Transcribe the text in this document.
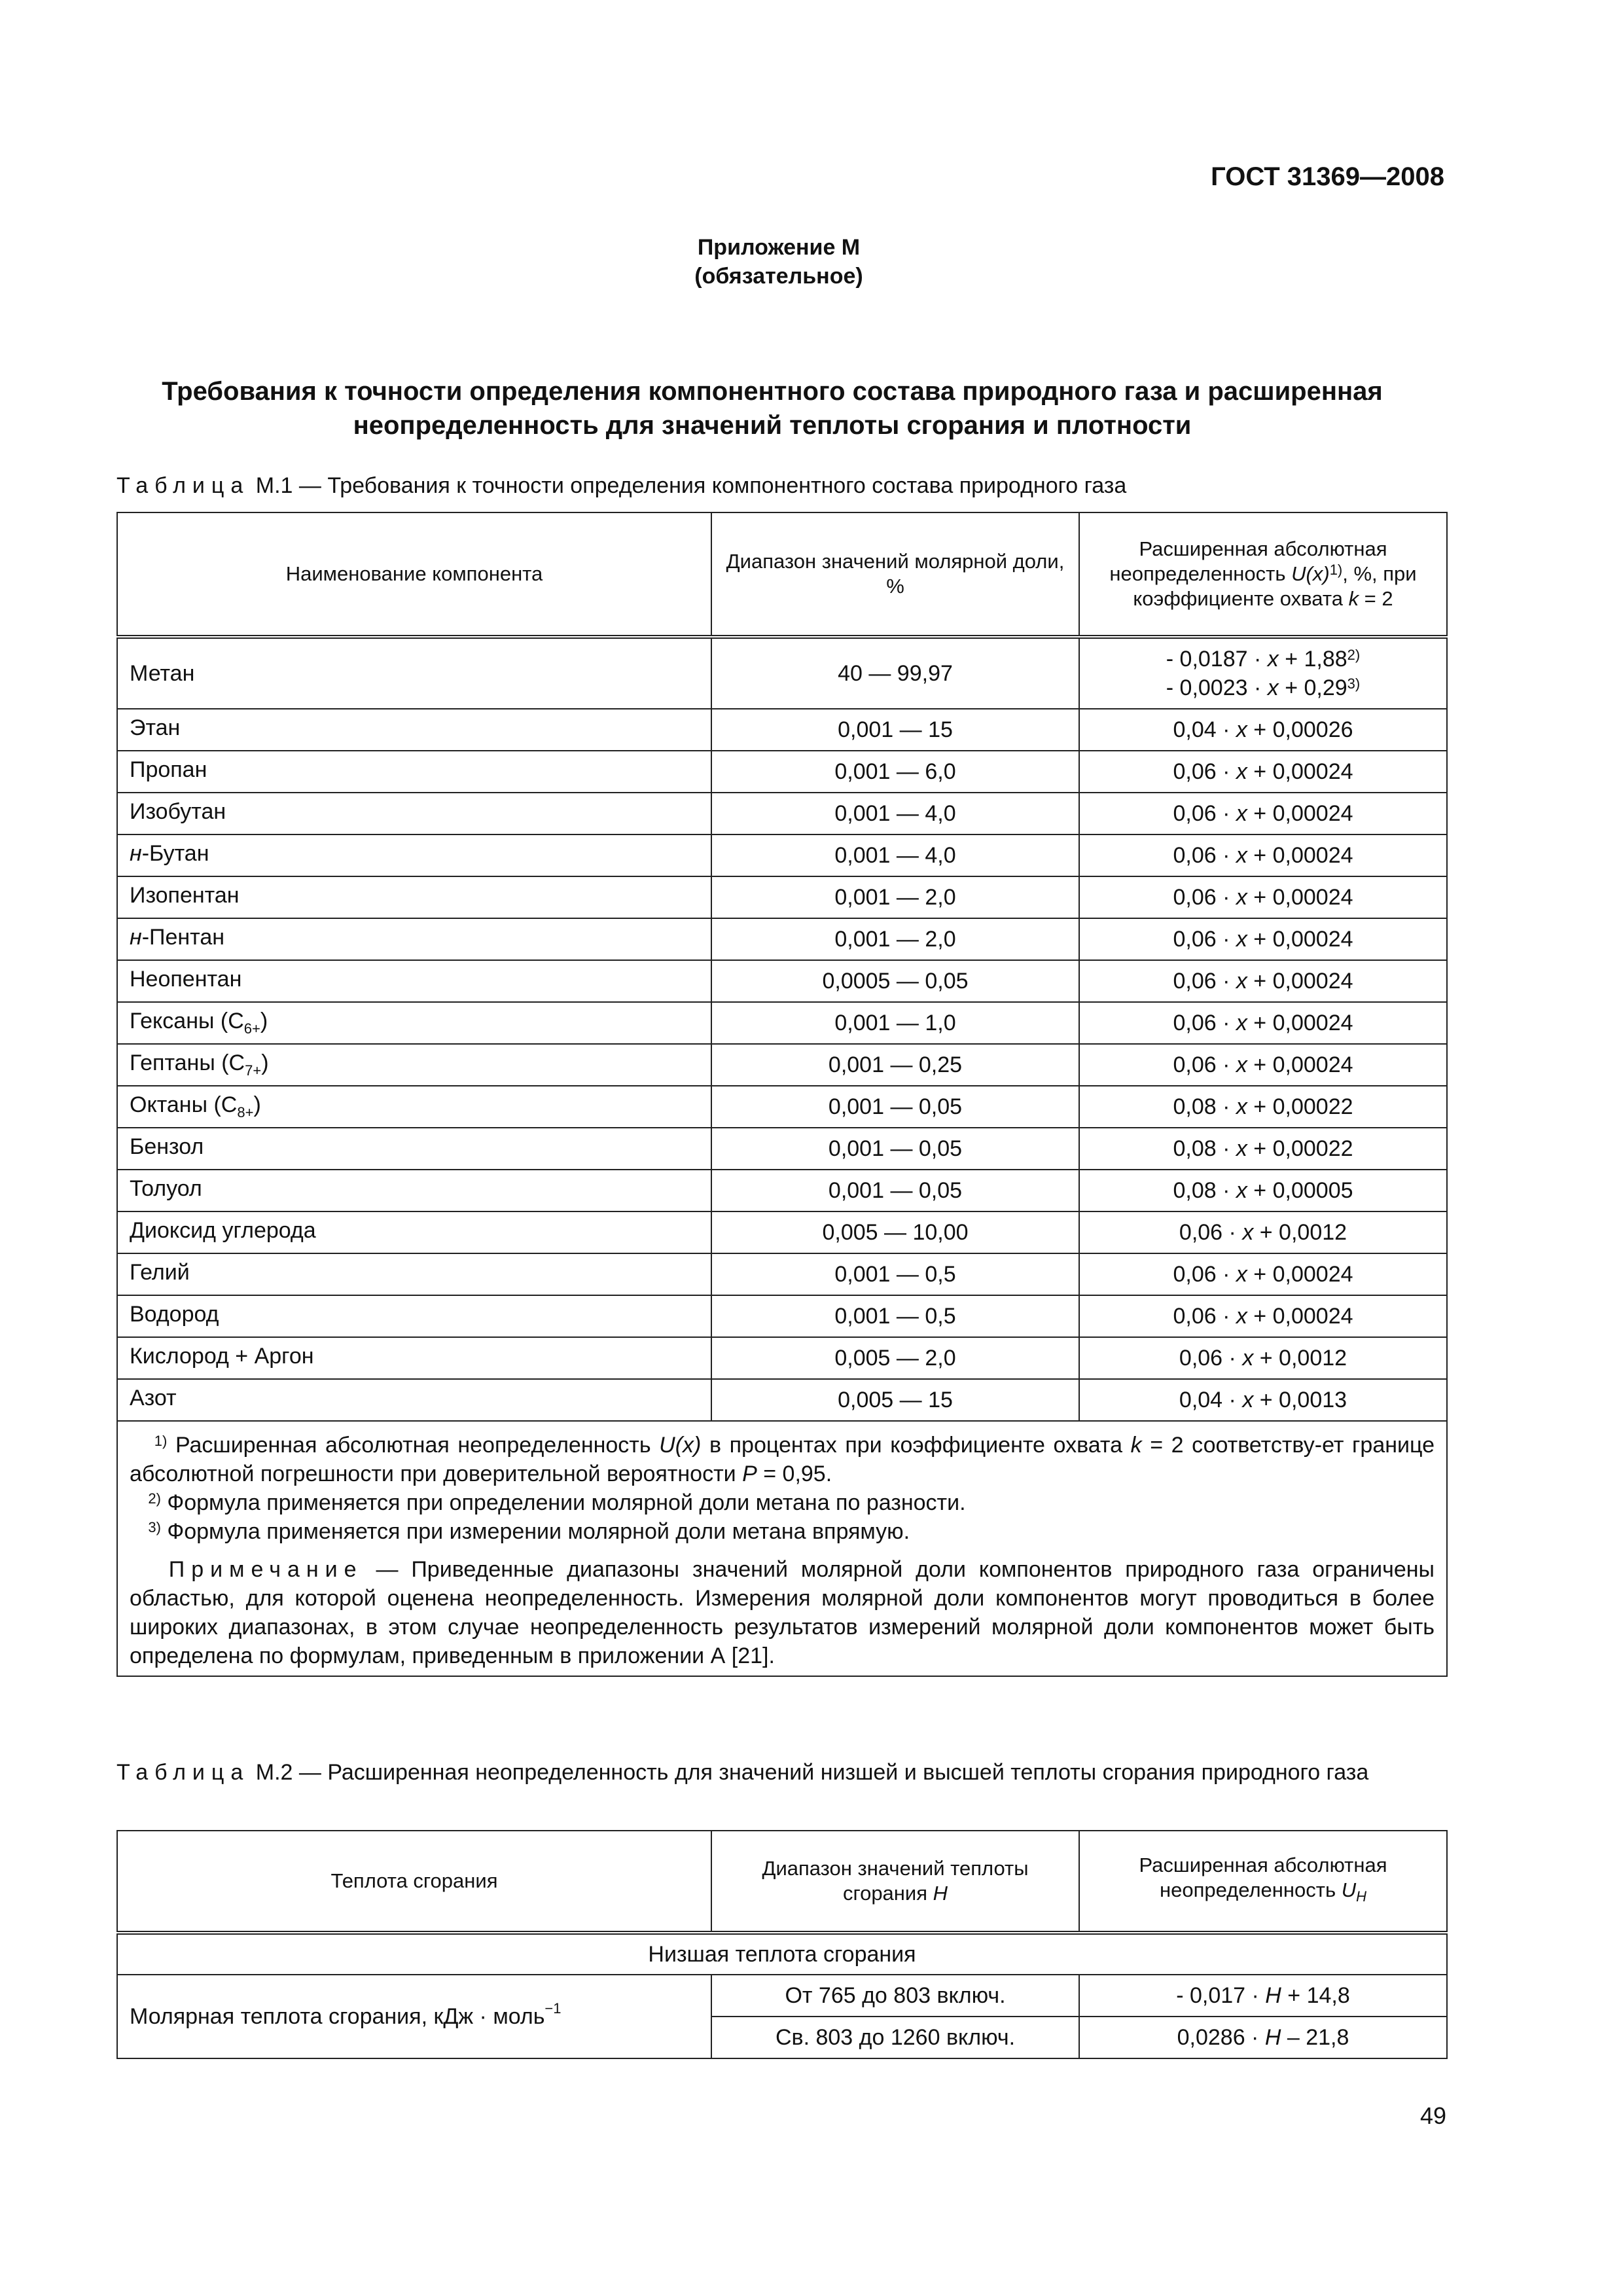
ГОСТ 31369—2008
Приложение М
(обязательное)
Требования к точности определения компонентного состава природного газа и расширенная
неопределенность для значений теплоты сгорания и плотности
Таблица М.1 — Требования к точности определения компонентного состава природного газа
Наименование компонента	Диапазон значений молярной доли, %	Расширенная абсолютная неопределенность $U(x)^{1)}$, %, при коэффициенте охвата k = 2
Метан	40 — 99,97	- $0,0187 \cdot x + 1,88^{2)}$
- $0,0023 \cdot x + 0,29^{3)}$

Этан	0,001 — 15	0,04 · x + 0,00026
Пропан	0,001 — 6,0	0,06 · x + 0,00024
Изобутан	0,001 — 4,0	0,06 · x + 0,00024
н-Бутан	0,001 — 4,0	0,06 · x + 0,00024
Изопентан	0,001 — 2,0	0,06 · x + 0,00024
н-Пентан	0,001 — 2,0	0,06 · x + 0,00024
Неопентан	0,0005 — 0,05	0,06 · x + 0,00024
Гексаны $(C_{6+})$	0,001 — 1,0	0,06 · x + 0,00024
Гептаны $(C_{7+})$	0,001 — 0,25	0,06 · x + 0,00024
Октаны $(C_{8+})$	0,001 — 0,05	0,08 · x + 0,00022
Бензол	0,001 — 0,05	0,08 · x + 0,00022
Толуол	0,001 — 0,05	0,08 · x + 0,00005
Диоксид углерода	0,005 — 10,00	0,06 · x + 0,0012
Гелий	0,001 — 0,5	0,06 · x + 0,00024
Водород	0,001 — 0,5	0,06 · x + 0,00024
Кислород + Аргон	0,005 — 2,0	0,06 · x + 0,0012
Азот	0,005 — 15	0,04 · x + 0,0013

$^{1)}$ Расширенная абсолютная неопределенность U(x) в процентах при коэффициенте охвата k = 2 соответству-ет границе абсолютной погрешности при доверительной вероятности P = 0,95.

$^{2)}$ Формула применяется при определении молярной доли метана по разности.

$^{3)}$ Формула применяется при измерении молярной доли метана впрямую.

Примечание — Приведенные диапазоны значений молярной доли компонентов природного газа ограничены областью, для которой оценена неопределенность. Измерения молярной доли компонентов могут проводиться в более широких диапазонах, в этом случае неопределенность результатов измерений молярной доли компонентов может быть определена по формулам, приведенным в приложении А [21].		

Таблица М.2 — Расширенная неопределенность для значений низшей и высшей теплоты сгорания природного газа
Теплота сгорания	Диапазон значений теплоты сгорания H	Расширенная абсолютная неопределенность $U_H$
Низшая теплота сгорания		
Молярная теплота сгорания, кДж · моль$^{-1}$	От 765 до 803 включ.	- 0,017 · H + 14,8
	Св. 803 до 1260 включ.	0,0286 · H – 21,8
49
